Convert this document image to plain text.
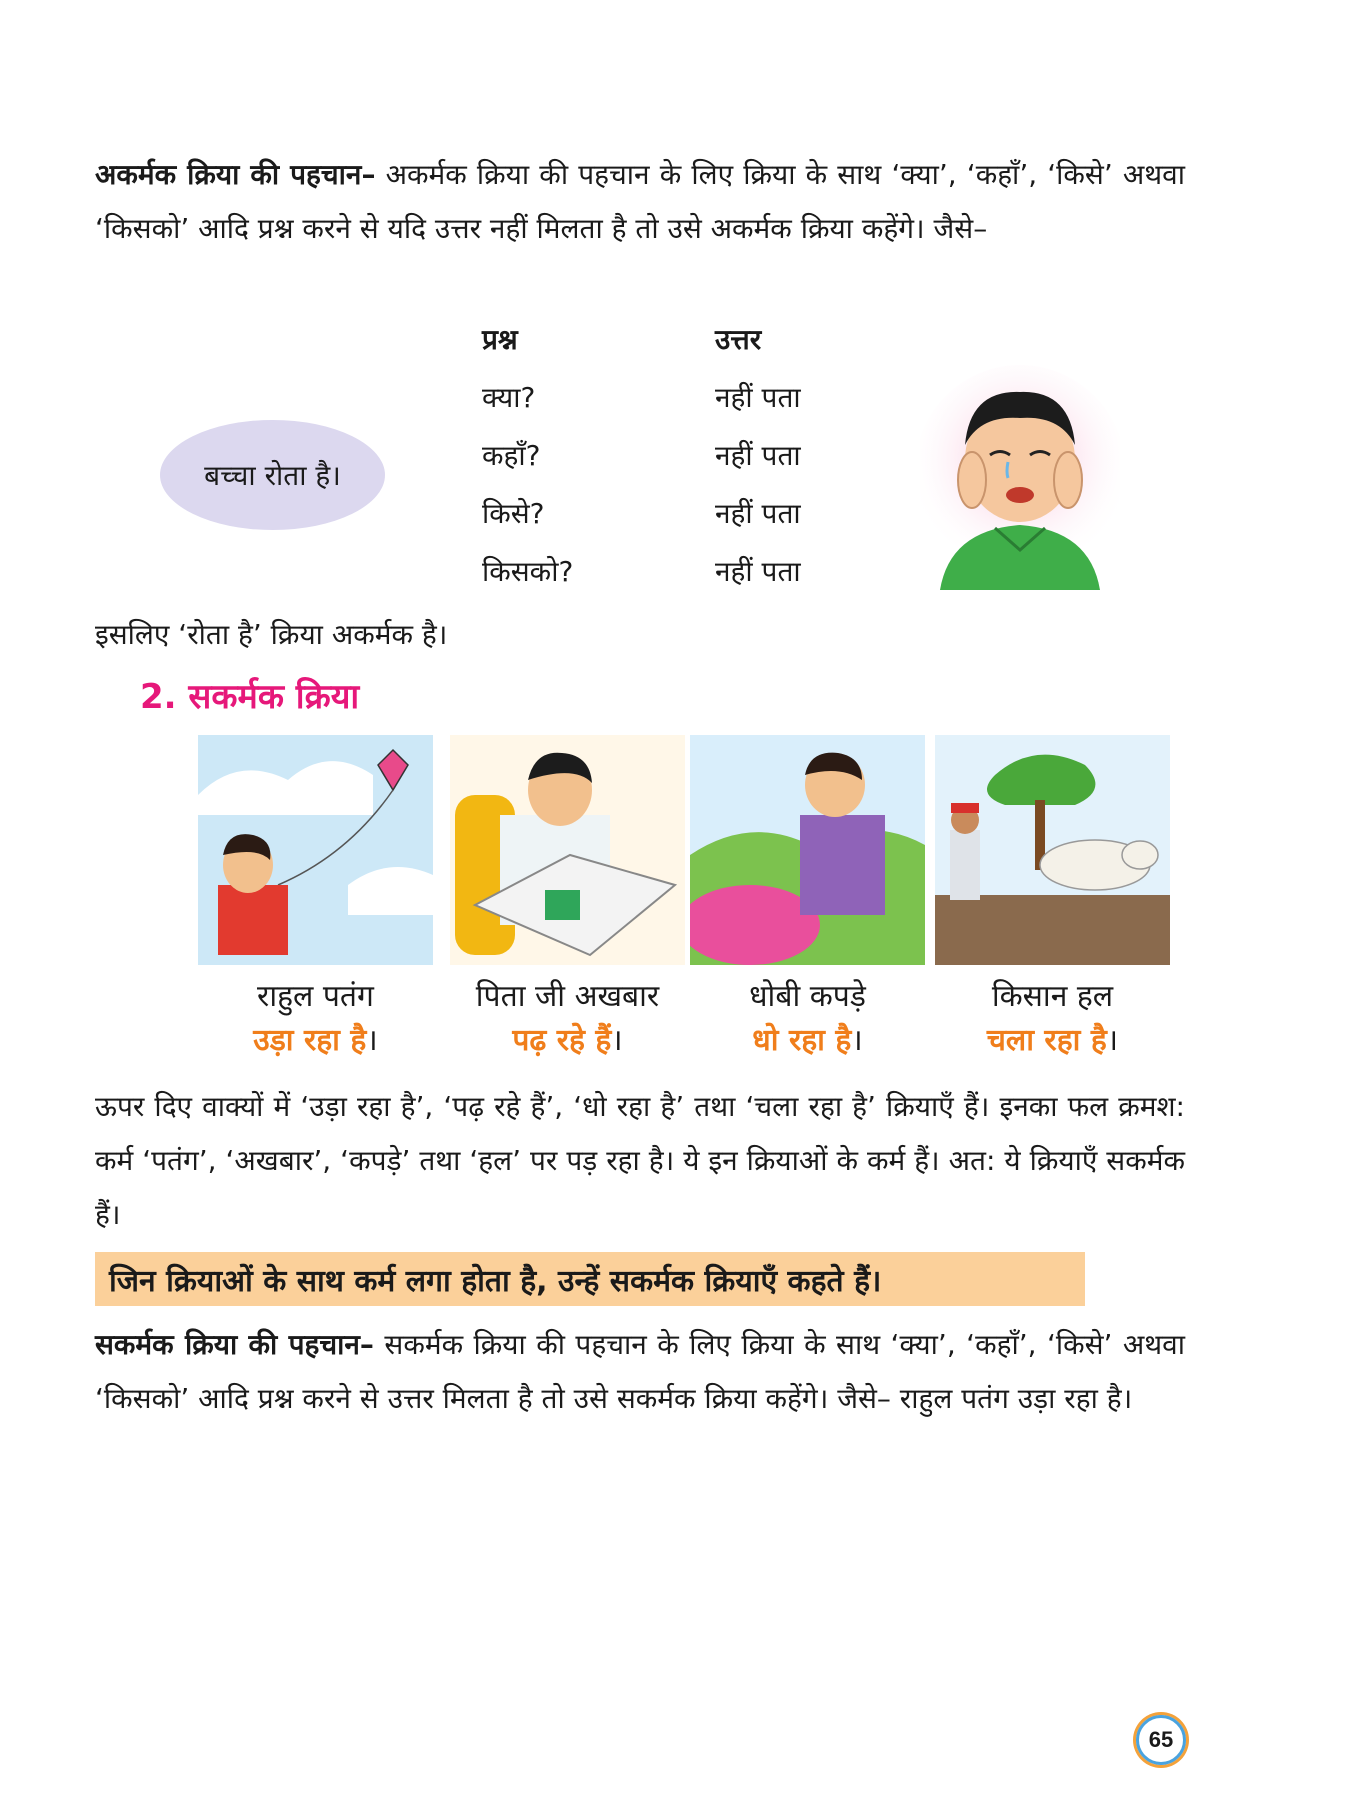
अकर्मक क्रिया की पहचान– अकर्मक क्रिया की पहचान के लिए क्रिया के साथ ‘क्या’, ‘कहाँ’, ‘किसे’ अथवा ‘किसको’ आदि प्रश्न करने से यदि उत्तर नहीं मिलता है तो उसे अकर्मक क्रिया कहेंगे। जैसे–
बच्चा रोता है।
प्रश्न	उत्तर
क्या?	नहीं पता
कहाँ?	नहीं पता
किसे?	नहीं पता
किसको?	नहीं पता
इसलिए ‘रोता है’ क्रिया अकर्मक है।
2. सकर्मक क्रिया
राहुल पतंग
उड़ा रहा है।
पिता जी अखबार
पढ़ रहे हैं।
धोबी कपड़े
धो रहा है।
किसान हल
चला रहा है।
ऊपर दिए वाक्यों में ‘उड़ा रहा है’, ‘पढ़ रहे हैं’, ‘धो रहा है’ तथा ‘चला रहा है’ क्रियाएँ हैं। इनका फल क्रमश: कर्म ‘पतंग’, ‘अखबार’, ‘कपड़े’ तथा ‘हल’ पर पड़ रहा है। ये इन क्रियाओं के कर्म हैं। अत: ये क्रियाएँ सकर्मक हैं।
जिन क्रियाओं के साथ कर्म लगा होता है, उन्हें सकर्मक क्रियाएँ कहते हैं।
सकर्मक क्रिया की पहचान– सकर्मक क्रिया की पहचान के लिए क्रिया के साथ ‘क्या’, ‘कहाँ’, ‘किसे’ अथवा ‘किसको’ आदि प्रश्न करने से उत्तर मिलता है तो उसे सकर्मक क्रिया कहेंगे। जैसे– राहुल पतंग उड़ा रहा है।
65
